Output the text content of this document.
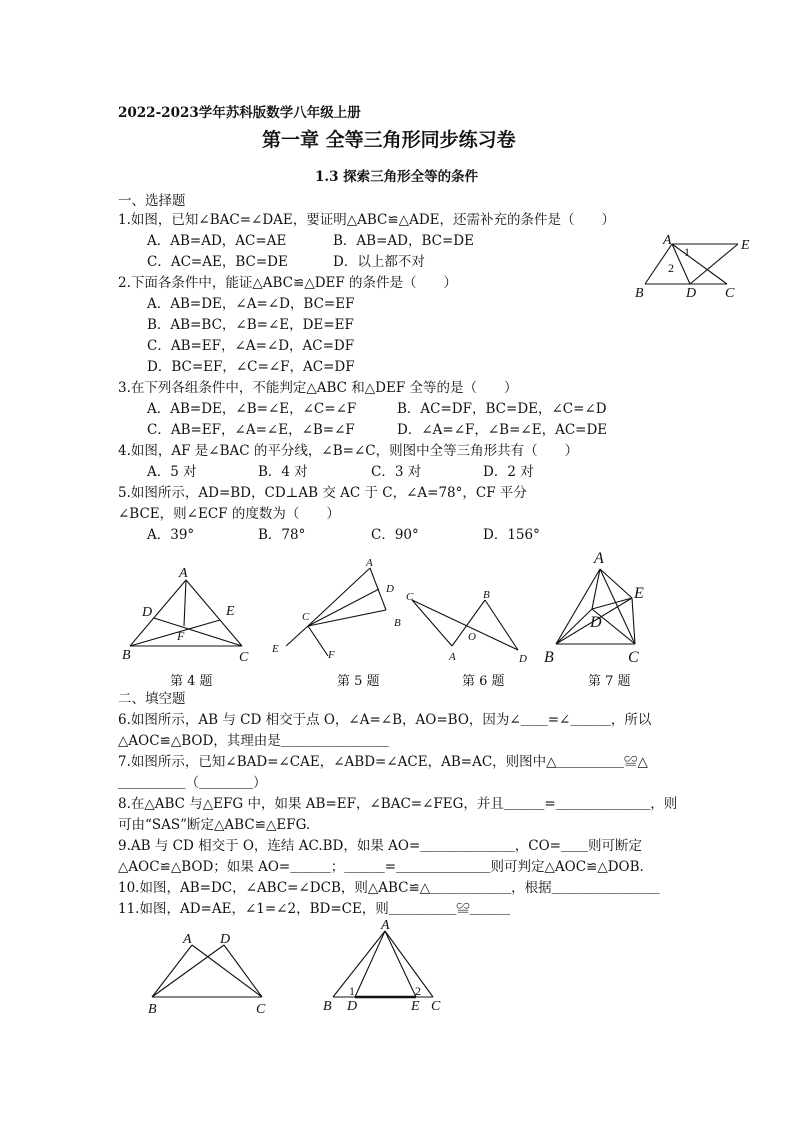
2022-2023学年苏科版数学八年级上册
第一章 全等三角形同步练习卷
1.3 探索三角形全等的条件
一、选择题
1.如图，已知∠BAC=∠DAE，要证明△ABC≌△ADE，还需补充的条件是（　　）
A．AB=AD，AC=AE	B．AB=AD，BC=DE
C．AC=AE，BC=DE	D．以上都不对
A	E
B	D C
1
2
2.下面各条件中，能证△ABC≌△DEF 的条件是（　　）
A．AB=DE，∠A=∠D，BC=EF
B．AB=BC，∠B=∠E，DE=EF
C．AB=EF，∠A=∠D，AC=DF
D．BC=EF，∠C=∠F，AC=DF
3.在下列各组条件中，不能判定△ABC 和△DEF 全等的是（　　）
A．AB=DE，∠B=∠E，∠C=∠F	B．AC=DF，BC=DE，∠C=∠D
C．AB=EF，∠A=∠E，∠B=∠F	D．∠A=∠F，∠B=∠E，AC=DE
4.如图，AF 是∠BAC 的平分线，∠B=∠C，则图中全等三角形共有（　　）
A．5 对	B．4 对	C．3 对	D．2 对
5.如图所示，AD=BD，CD⊥AB 交 AC 于 C，∠A=78°，CF 平分
∠BCE，则∠ECF 的度数为（　　）
A．39°	B．78°	C．90°	D．156°
A
D	E
F
B	C
A
D
C	B
E	F
C	B
O
A	D
A
E
D
B	C
第 4 题	第 5 题	第 6 题	第 7 题
二、填空题
6.如图所示，AB 与 CD 相交于点 O，∠A=∠B，AO=BO，因为∠＿＿=∠＿＿＿，所以
△AOC≌△BOD，其理由是＿＿＿＿＿＿＿＿
7.如图所示，已知∠BAD=∠CAE，∠ABD=∠ACE，AB=AC，则图中△＿＿＿＿＿≌△
＿＿＿＿＿（＿＿＿＿）
8.在△ABC 与△EFG 中，如果 AB=EF，∠BAC=∠FEG，并且＿＿＿=＿＿＿＿＿＿＿，则
可由“SAS”断定△ABC≌△EFG.
9.AB 与 CD 相交于 O，连结 AC.BD，如果 AO=＿＿＿＿＿＿＿，CO=＿＿则可断定
△AOC≌△BOD；如果 AO=＿＿＿；＿＿＿=＿＿＿＿＿＿＿则可判定△AOC≌△DOB.
10.如图，AB=DC，∠ABC=∠DCB，则△ABC≌△＿＿＿＿＿＿，根据＿＿＿＿＿＿＿＿
11.如图，AD=AE，∠1=∠2，BD=CE，则＿＿＿＿＿≌＿＿＿
A D
B	C
A
B D	E C
1	2
